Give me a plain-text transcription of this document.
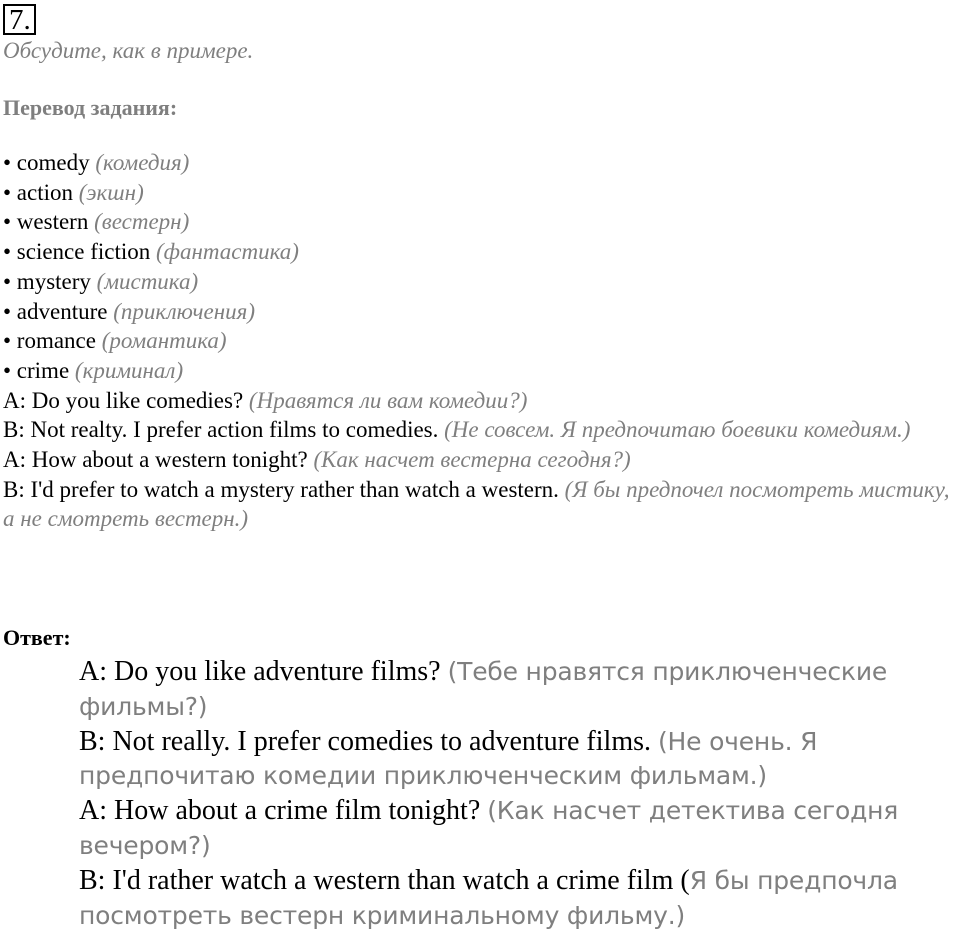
7.
Обсудите, как в примере.
Перевод задания:
• comedy (комедия)
• action (экшн)
• western (вестерн)
• science fiction (фантастика)
• mystery (мистика)
• adventure (приключения)
• romance (романтика)
• crime (криминал)
A: Do you like comedies? (Нравятся ли вам комедии?)
B: Not realty. I prefer action films to comedies. (Не совсем. Я предпочитаю боевики комедиям.)
A: How about a western tonight? (Как насчет вестерна сегодня?)
B: I'd prefer to watch a mystery rather than watch a western. (Я бы предпочел посмотреть мистику, а не смотреть вестерн.)
Ответ:
A: Do you like adventure films? (Тебе нравятся приключенческие фильмы?)
B: Not really. I prefer comedies to adventure films. (Не очень. Я предпочитаю комедии приключенческим фильмам.)
A: How about a crime film tonight? (Как насчет детектива сегодня вечером?)
B: I'd rather watch a western than watch a crime film (Я бы предпочла посмотреть вестерн криминальному фильму.)
